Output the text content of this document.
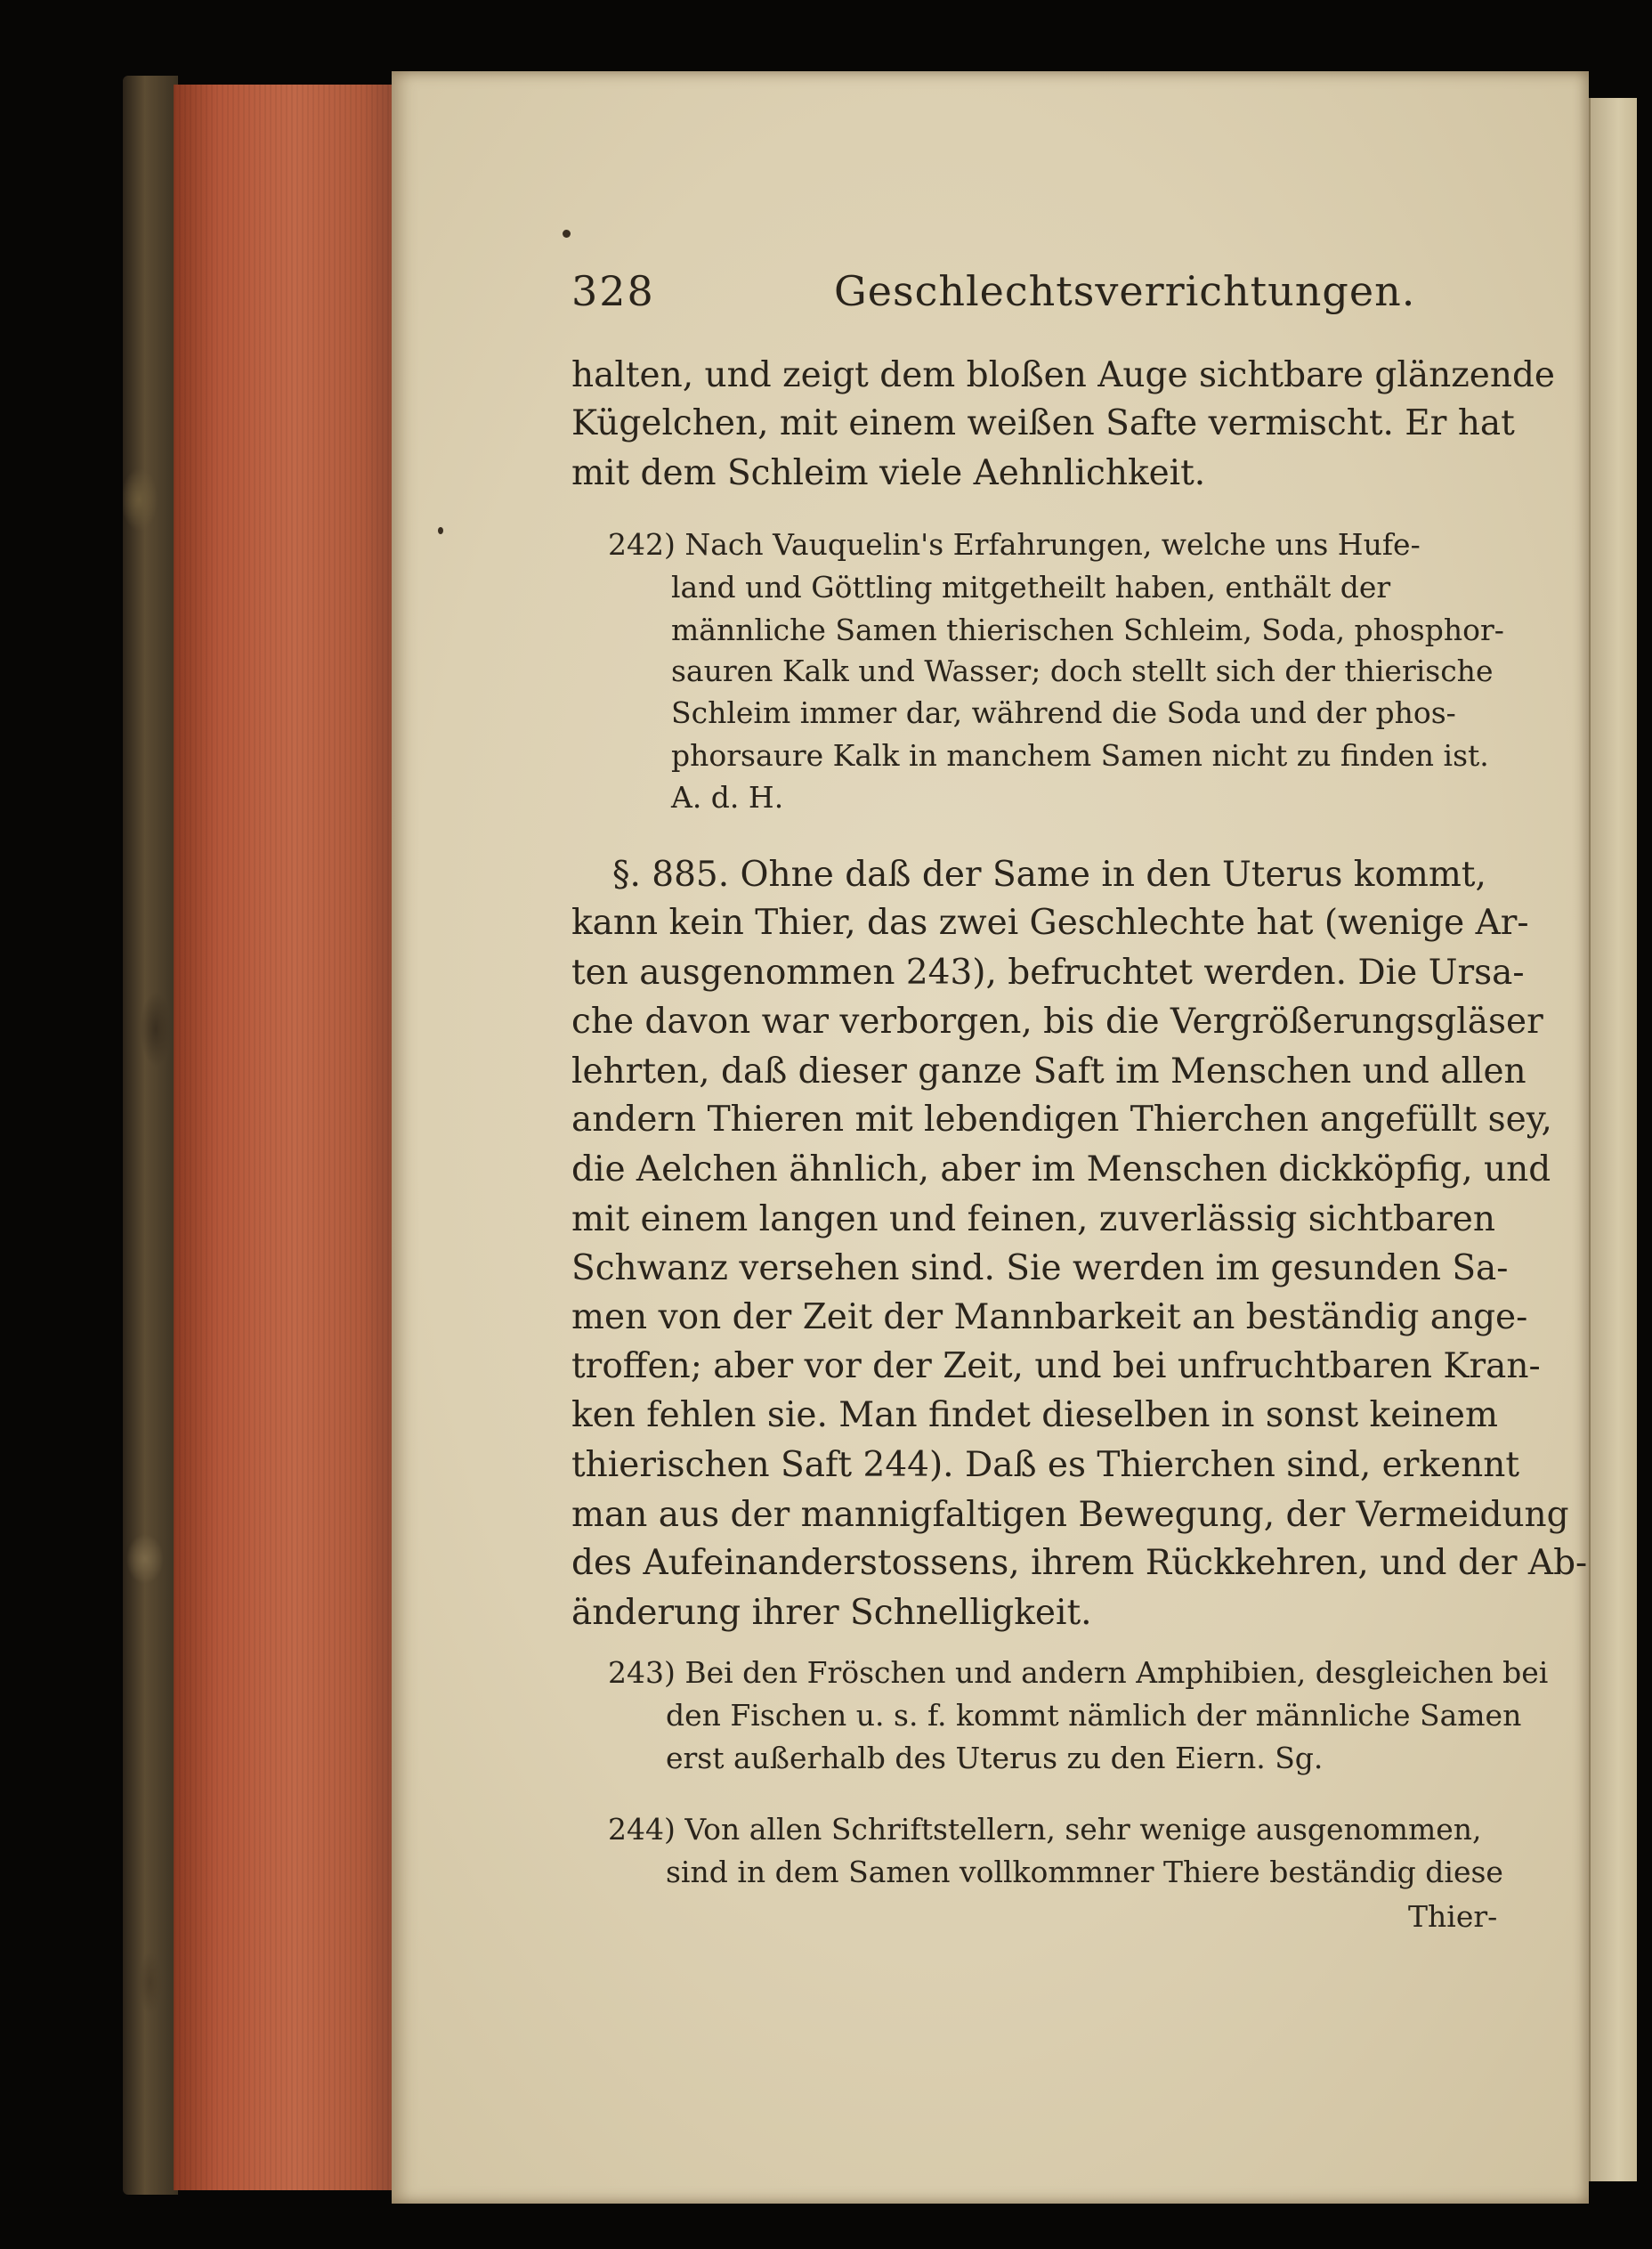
328	Geschlechtsverrichtungen.
halten, und zeigt dem bloßen Auge sichtbare glänzende
Kügelchen, mit einem weißen Safte vermischt. Er hat
mit dem Schleim viele Aehnlichkeit.
242) Nach Vauquelin's Erfahrungen, welche uns Hufe-
land und Göttling mitgetheilt haben, enthält der
männliche Samen thierischen Schleim, Soda, phosphor-
sauren Kalk und Wasser; doch stellt sich der thierische
Schleim immer dar, während die Soda und der phos-
phorsaure Kalk in manchem Samen nicht zu finden ist.
A. d. H.
§. 885. Ohne daß der Same in den Uterus kommt,
kann kein Thier, das zwei Geschlechte hat (wenige Ar-
ten ausgenommen 243), befruchtet werden. Die Ursa-
che davon war verborgen, bis die Vergrößerungsgläser
lehrten, daß dieser ganze Saft im Menschen und allen
andern Thieren mit lebendigen Thierchen angefüllt sey,
die Aelchen ähnlich, aber im Menschen dickköpfig, und
mit einem langen und feinen, zuverlässig sichtbaren
Schwanz versehen sind. Sie werden im gesunden Sa-
men von der Zeit der Mannbarkeit an beständig ange-
troffen; aber vor der Zeit, und bei unfruchtbaren Kran-
ken fehlen sie. Man findet dieselben in sonst keinem
thierischen Saft 244). Daß es Thierchen sind, erkennt
man aus der mannigfaltigen Bewegung, der Vermeidung
des Aufeinanderstossens, ihrem Rückkehren, und der Ab-
änderung ihrer Schnelligkeit.
243) Bei den Fröschen und andern Amphibien, desgleichen bei
den Fischen u. s. f. kommt nämlich der männliche Samen
erst außerhalb des Uterus zu den Eiern. Sg.
244) Von allen Schriftstellern, sehr wenige ausgenommen,
sind in dem Samen vollkommner Thiere beständig diese
Thier-
